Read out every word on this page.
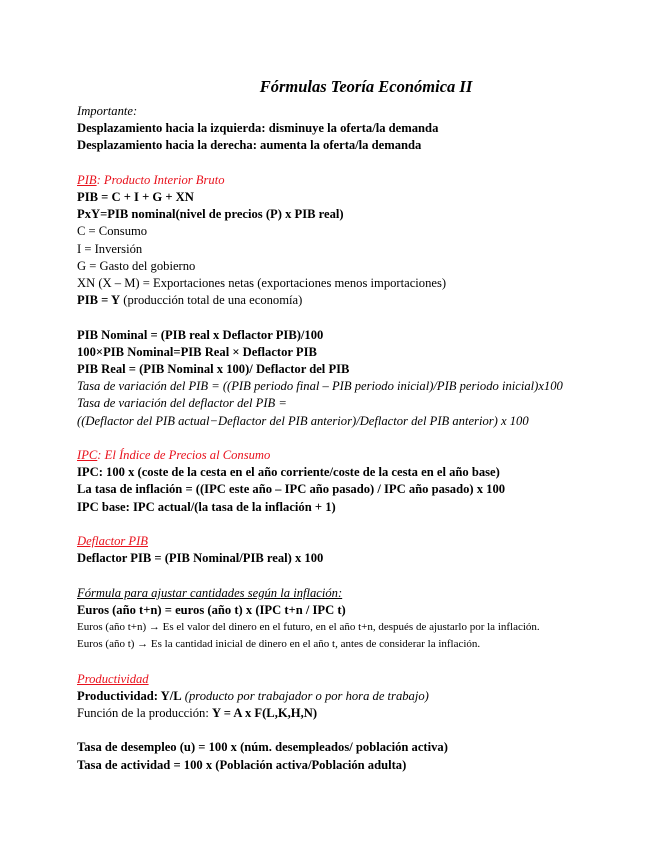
Fórmulas Teoría Económica II
Importante:
Desplazamiento hacia la izquierda: disminuye la oferta/la demanda
Desplazamiento hacia la derecha: aumenta la oferta/la demanda
PIB: Producto Interior Bruto
PIB = C + I + G + XN
PxY=PIB nominal(nivel de precios (P) x PIB real)
C = Consumo
I = Inversión
G = Gasto del gobierno
XN (X – M) = Exportaciones netas (exportaciones menos importaciones)
PIB = Y (producción total de una economía)
PIB Nominal = (PIB real x Deflactor PIB)/100
100×PIB Nominal=PIB Real × Deflactor PIB
PIB Real = (PIB Nominal x 100)/ Deflactor del PIB
Tasa de variación del PIB = ((PIB periodo final – PIB periodo inicial)/PIB periodo inicial)x100
Tasa de variación del deflactor del PIB =
((Deflactor del PIB actual−Deflactor del PIB anterior)/Deflactor del PIB anterior) x 100
IPC: El Índice de Precios al Consumo
IPC: 100 x (coste de la cesta en el año corriente/coste de la cesta en el año base)
La tasa de inflación = ((IPC este año – IPC año pasado) / IPC año pasado) x 100
IPC base: IPC actual/(la tasa de la inflación + 1)
Deflactor PIB
Deflactor PIB = (PIB Nominal/PIB real) x 100
Fórmula para ajustar cantidades según la inflación:
Euros (año t+n) = euros (año t) x (IPC t+n / IPC t)
Euros (año t+n) → Es el valor del dinero en el futuro, en el año t+n, después de ajustarlo por la inflación.
Euros (año t) → Es la cantidad inicial de dinero en el año t, antes de considerar la inflación.
Productividad
Productividad: Y/L (producto por trabajador o por hora de trabajo)
Función de la producción: Y = A x F(L,K,H,N)
Tasa de desempleo (u) = 100 x (núm. desempleados/ población activa)
Tasa de actividad = 100 x (Población activa/Población adulta)
